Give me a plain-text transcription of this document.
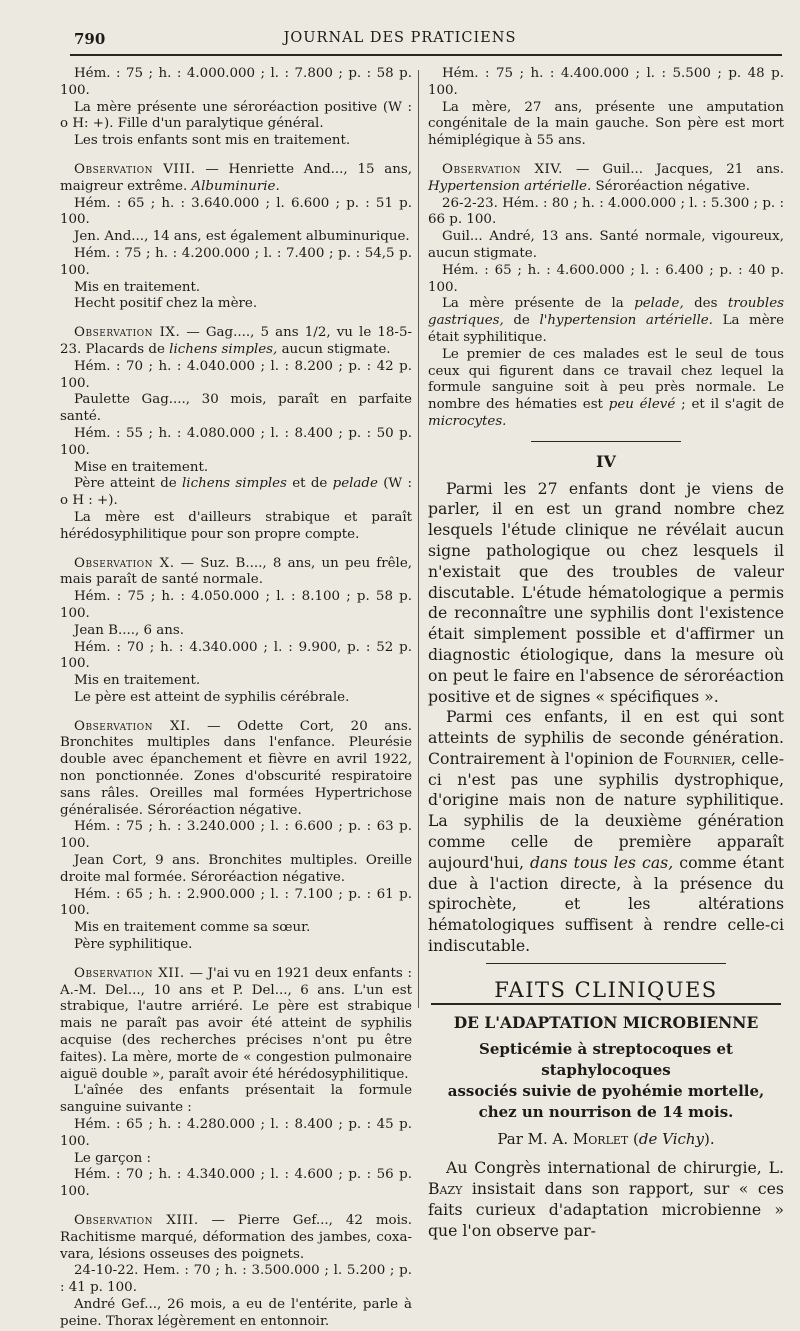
790	JOURNAL DES PRATICIENS

Hém. : 75 ; h. : 4.000.000 ; l. : 7.800 ; p. : 58 p. 100.

La mère présente une séroréaction positive (W : o H: +). Fille d'un paralytique général.

Les trois enfants sont mis en traitement.

Observation VIII. — Henriette And..., 15 ans, maigreur extrême. Albuminurie.

Hém. : 65 ; h. : 3.640.000 ; l. 6.600 ; p. : 51 p. 100.

Jen. And..., 14 ans, est également albuminurique.

Hém. : 75 ; h. : 4.200.000 ; l. : 7.400 ; p. : 54,5 p. 100.

Mis en traitement.

Hecht positif chez la mère.

Observation IX. — Gag...., 5 ans 1/2, vu le 18-5-23. Placards de lichens simples, aucun stigmate.

Hém. : 70 ; h. : 4.040.000 ; l. : 8.200 ; p. : 42 p. 100.

Paulette Gag...., 30 mois, paraît en parfaite santé.

Hém. : 55 ; h. : 4.080.000 ; l. : 8.400 ; p. : 50 p. 100.

Mise en traitement.

Père atteint de lichens simples et de pelade (W : o H : +).

La mère est d'ailleurs strabique et paraît hérédosyphilitique pour son propre compte.

Observation X. — Suz. B...., 8 ans, un peu frêle, mais paraît de santé normale.

Hém. : 75 ; h. : 4.050.000 ; l. : 8.100 ; p. 58 p. 100.

Jean B...., 6 ans.

Hém. : 70 ; h. : 4.340.000 ; l. : 9.900, p. : 52 p. 100.

Mis en traitement.

Le père est atteint de syphilis cérébrale.

Observation XI. — Odette Cort, 20 ans. Bronchites multiples dans l'enfance. Pleurésie double avec épanchement et fièvre en avril 1922, non ponctionnée. Zones d'obscurité respiratoire sans râles. Oreilles mal formées Hypertrichose généralisée. Séroréaction négative.

Hém. : 75 ; h. : 3.240.000 ; l. : 6.600 ; p. : 63 p. 100.

Jean Cort, 9 ans. Bronchites multiples. Oreille droite mal formée. Séroréaction négative.

Hém. : 65 ; h. : 2.900.000 ; l. : 7.100 ; p. : 61 p. 100.

Mis en traitement comme sa sœur.

Père syphilitique.

Observation XII. — J'ai vu en 1921 deux enfants : A.-M. Del..., 10 ans et P. Del..., 6 ans. L'un est strabique, l'autre arriéré. Le père est strabique mais ne paraît pas avoir été atteint de syphilis acquise (des recherches précises n'ont pu être faites). La mère, morte de « congestion pulmonaire aiguë double », paraît avoir été hérédosyphilitique.

L'aînée des enfants présentait la formule sanguine suivante :

Hém. : 65 ; h. : 4.280.000 ; l. : 8.400 ; p. : 45 p. 100.

Le garçon :

Hém. : 70 ; h. : 4.340.000 ; l. : 4.600 ; p. : 56 p. 100.

Observation XIII. — Pierre Gef..., 42 mois. Rachitisme marqué, déformation des jambes, coxa-vara, lésions osseuses des poignets.

24-10-22. Hem. : 70 ; h. : 3.500.000 ; l. 5.200 ; p. : 41 p. 100.

André Gef..., 26 mois, a eu de l'entérite, parle à peine. Thorax légèrement en entonnoir.

Hém. : 75 ; h. : 4.400.000 ; l. : 5.500 ; p. 48 p. 100.

La mère, 27 ans, présente une amputation congénitale de la main gauche. Son père est mort hémiplégique à 55 ans.

Observation XIV. — Guil... Jacques, 21 ans. Hypertension artérielle. Séroréaction négative.

26-2-23. Hém. : 80 ; h. : 4.000.000 ; l. : 5.300 ; p. : 66 p. 100.

Guil... André, 13 ans. Santé normale, vigoureux, aucun stigmate.

Hém. : 65 ; h. : 4.600.000 ; l. : 6.400 ; p. : 40 p. 100.

La mère présente de la pelade, des troubles gastriques, de l'hypertension artérielle. La mère était syphilitique.

Le premier de ces malades est le seul de tous ceux qui figurent dans ce travail chez lequel la formule sanguine soit à peu près normale. Le nombre des hématies est peu élevé ; et il s'agit de microcytes.

IV

Parmi les 27 enfants dont je viens de parler, il en est un grand nombre chez lesquels l'étude clinique ne révélait aucun signe pathologique ou chez lesquels il n'existait que des troubles de valeur discutable. L'étude hématologique a permis de reconnaître une syphilis dont l'existence était simplement possible et d'affirmer un diagnostic étiologique, dans la mesure où on peut le faire en l'absence de séroréaction positive et de signes « spécifiques ».

Parmi ces enfants, il en est qui sont atteints de syphilis de seconde génération. Contrairement à l'opinion de Fournier, celle-ci n'est pas une syphilis dystrophique, d'origine mais non de nature syphilitique. La syphilis de la deuxième génération comme celle de première apparaît aujourd'hui, dans tous les cas, comme étant due à l'action directe, à la présence du spirochète, et les altérations hématologiques suffisent à rendre celle-ci indiscutable.

FAITS CLINIQUES

DE L'ADAPTATION MICROBIENNE

Septicémie à streptocoques et staphylocoques
associés suivie de pyohémie mortelle,
chez un nourrison de 14 mois.

Par M. A. Morlet (de Vichy).

Au Congrès international de chirurgie, L. Bazy insistait dans son rapport, sur « ces faits curieux d'adaptation microbienne » que l'on observe par-
